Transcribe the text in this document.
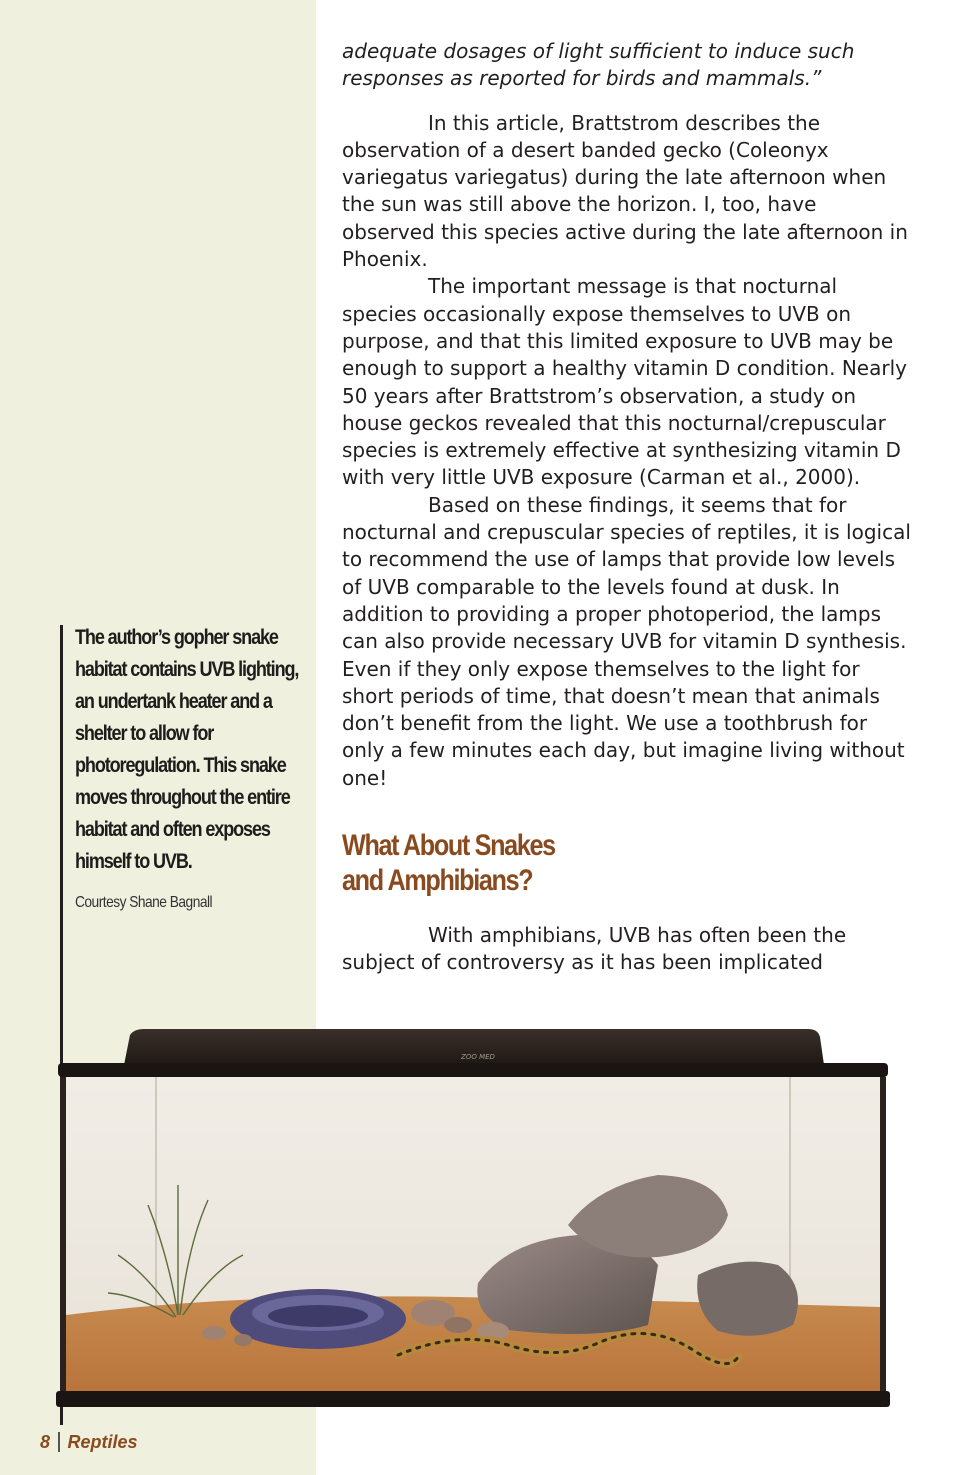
The author’s gopher snake habitat contains UVB lighting, an undertank heater and a shelter to allow for photoregulation. This snake moves throughout the entire habitat and often exposes himself to UVB.

Courtesy Shane Bagnall

adequate dosages of light sufficient to induce such responses as reported for birds and mammals.”

In this article, Brattstrom describes the observation of a desert banded gecko (Coleonyx variegatus variegatus) during the late afternoon when the sun was still above the horizon. I, too, have observed this species active during the late afternoon in Phoenix.

The important message is that nocturnal species occasionally expose themselves to UVB on purpose, and that this limited exposure to UVB may be enough to support a healthy vitamin D condition. Nearly 50 years after Brattstrom’s observation, a study on house geckos revealed that this nocturnal/crepuscular species is extremely effective at synthesizing vitamin D with very little UVB exposure (Carman et al., 2000).

Based on these findings, it seems that for nocturnal and crepuscular species of reptiles, it is logical to recommend the use of lamps that provide low levels of UVB comparable to the levels found at dusk. In addition to providing a proper photoperiod, the lamps can also provide necessary UVB for vitamin D synthesis. Even if they only expose themselves to the light for short periods of time, that doesn’t mean that animals don’t benefit from the light. We use a toothbrush for only a few minutes each day, but imagine living without one!

What About Snakes and Amphibians?

With amphibians, UVB has often been the subject of controversy as it has been implicated

ZOO MED
8 Reptiles
